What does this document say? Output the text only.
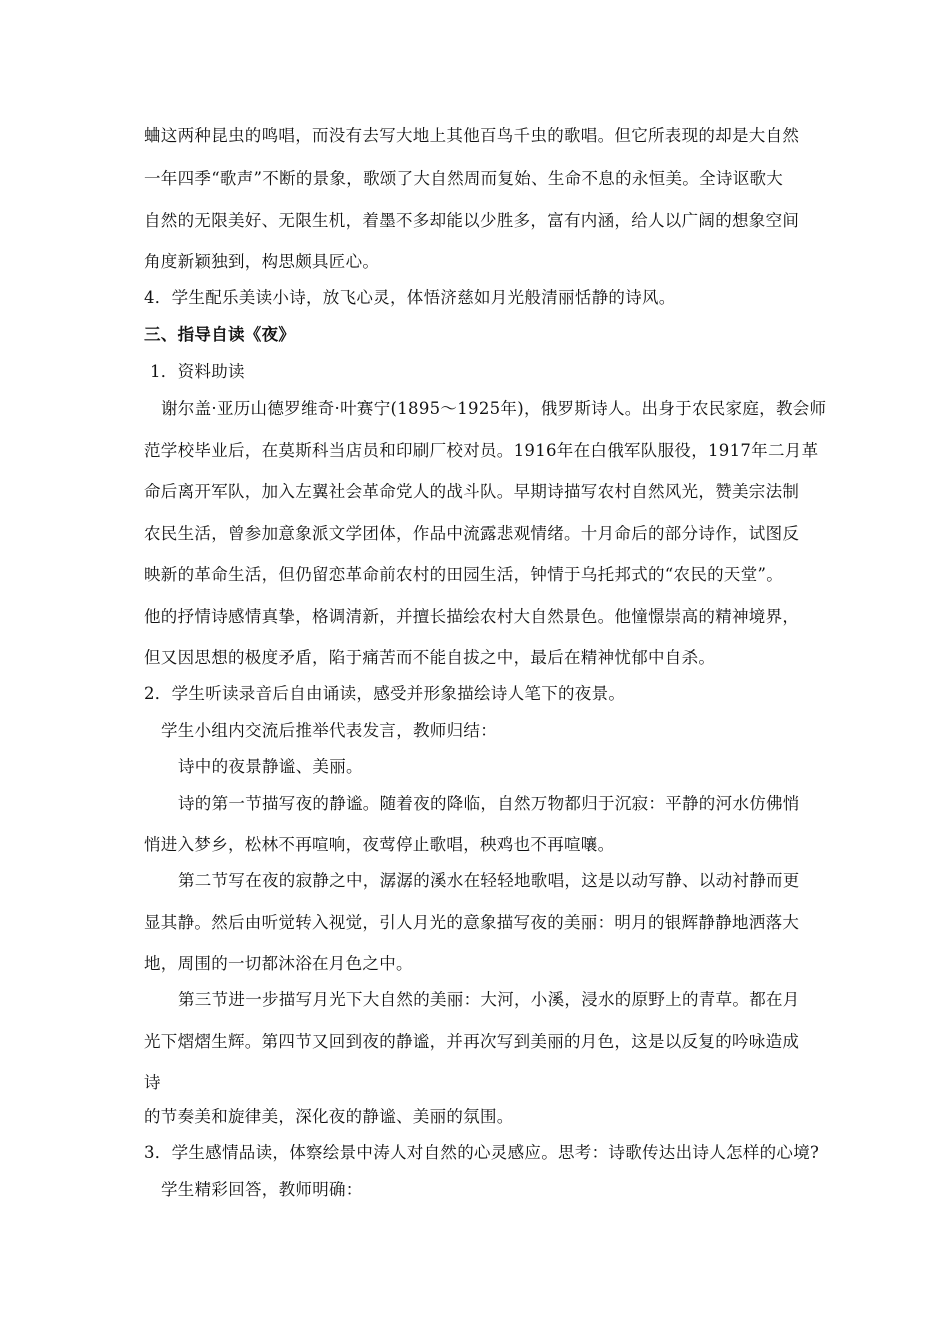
蛐这两种昆虫的鸣唱，而没有去写大地上其他百鸟千虫的歌唱。但它所表现的却是大自然
一年四季“歌声”不断的景象，歌颂了大自然周而复始、生命不息的永恒美。全诗讴歌大
自然的无限美好、无限生机，着墨不多却能以少胜多，富有内涵，给人以广阔的想象空间
角度新颖独到，构思颇具匠心。
4．学生配乐美读小诗，放飞心灵，体悟济慈如月光般清丽恬静的诗风。
三、指导自读《夜》
1．资料助读
谢尔盖·亚历山德罗维奇·叶赛宁(1895～1925年)，俄罗斯诗人。出身于农民家庭，教会师
范学校毕业后，在莫斯科当店员和印刷厂校对员。1916年在白俄军队服役，1917年二月革
命后离开军队，加入左翼社会革命党人的战斗队。早期诗描写农村自然风光，赞美宗法制
农民生活，曾参加意象派文学团体，作品中流露悲观情绪。十月命后的部分诗作，试图反
映新的革命生活，但仍留恋革命前农村的田园生活，钟情于乌托邦式的“农民的天堂”。
他的抒情诗感情真挚，格调清新，并擅长描绘农村大自然景色。他憧憬崇高的精神境界，
但又因思想的极度矛盾，陷于痛苦而不能自拔之中，最后在精神忧郁中自杀。
2．学生听读录音后自由诵读，感受并形象描绘诗人笔下的夜景。
学生小组内交流后推举代表发言，教师归结：
诗中的夜景静谧、美丽。
诗的第一节描写夜的静谧。随着夜的降临，自然万物都归于沉寂：平静的河水仿佛悄
悄进入梦乡，松林不再喧响，夜莺停止歌唱，秧鸡也不再喧嚷。
第二节写在夜的寂静之中，潺潺的溪水在轻轻地歌唱，这是以动写静、以动衬静而更
显其静。然后由听觉转入视觉，引人月光的意象描写夜的美丽：明月的银辉静静地洒落大
地，周围的一切都沐浴在月色之中。
第三节进一步描写月光下大自然的美丽：大河，小溪，浸水的原野上的青草。都在月
光下熠熠生辉。第四节又回到夜的静谧，并再次写到美丽的月色，这是以反复的吟咏造成
诗
的节奏美和旋律美，深化夜的静谧、美丽的氛围。
3．学生感情品读，体察绘景中涛人对自然的心灵感应。思考：诗歌传达出诗人怎样的心境?
学生精彩回答，教师明确：
